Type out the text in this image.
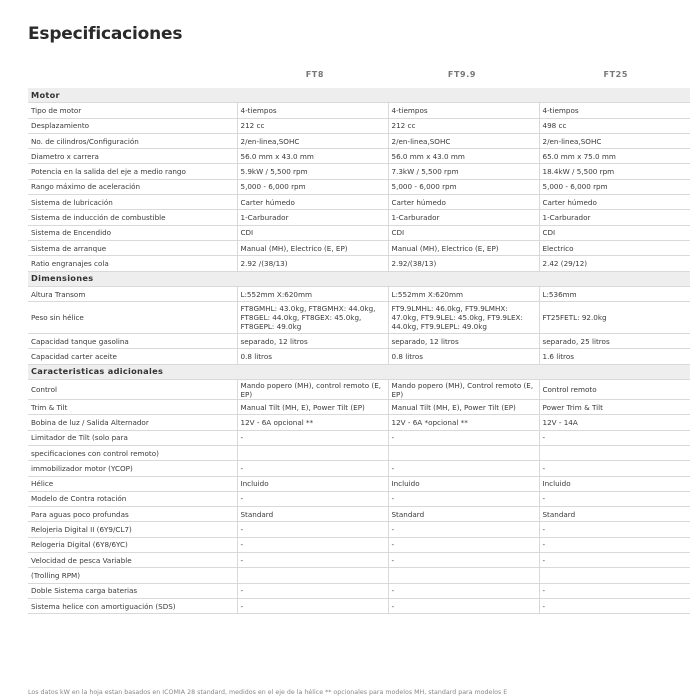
Especificaciones
FT8	FT9.9	FT25
Motor			
Tipo de motor	4-tiempos	4-tiempos	4-tiempos
Desplazamiento	212 cc	212 cc	498 cc
No. de cilindros/Configuración	2/en-linea,SOHC	2/en-linea,SOHC	2/en-linea,SOHC
Diametro x carrera	56.0 mm x 43.0 mm	56.0 mm x 43.0 mm	65.0 mm x 75.0 mm
Potencia en la salida del eje a medio rango	5.9kW / 5,500 rpm	7.3kW / 5,500 rpm	18.4kW / 5,500 rpm
Rango máximo de aceleración	5,000 - 6,000 rpm	5,000 - 6,000 rpm	5,000 - 6,000 rpm
Sistema de lubricación	Carter húmedo	Carter húmedo	Carter húmedo
Sistema de inducción de combustible	1-Carburador	1-Carburador	1-Carburador
Sistema de Encendido	CDI	CDI	CDI
Sistema de arranque	Manual (MH), Electrico (E, EP)	Manual (MH), Electrico (E, EP)	Electrico
Ratio engranajes cola	2.92 /(38/13)	2.92/(38/13)	2.42 (29/12)
Dimensiones			
Altura Transom	L:552mm X:620mm	L:552mm X:620mm	L:536mm
Peso sin hélice	FT8GMHL: 43.0kg, FT8GMHX: 44.0kg, FT8GEL: 44.0kg, FT8GEX: 45.0kg, FT8GEPL: 49.0kg	FT9.9LMHL: 46.0kg, FT9.9LMHX: 47.0kg, FT9.9LEL: 45.0kg, FT9.9LEX: 44.0kg, FT9.9LEPL: 49.0kg	FT25FETL: 92.0kg
Capacidad tanque gasolina	separado, 12 litros	separado, 12 litros	separado, 25 litros
Capacidad carter aceite	0.8 litros	0.8 litros	1.6 litros
Caracteristicas adicionales			
Control	Mando popero (MH), control remoto (E, EP)	Mando popero (MH), Control remoto (E, EP)	Control remoto
Trim & Tilt	Manual Tilt (MH, E), Power Tilt (EP)	Manual Tilt (MH, E), Power Tilt (EP)	Power Trim & Tilt
Bobina de luz / Salida Alternador	12V - 6A opcional **	12V - 6A *opcional **	12V - 14A
Limitador de Tilt (solo para	-	-	-
specificaciones con control remoto)			
immobilizador motor (YCOP)	-	-	-
Hélice	Incluido	Incluido	Incluido
Modelo de Contra rotación	-	-	-
Para aguas poco profundas	Standard	Standard	Standard
Relojeria Digital II (6Y9/CL7)	-	-	-
Relogeria Digital (6Y8/6YC)	-	-	-
Velocidad de pesca Variable	-	-	-
(Trolling RPM)			
Doble Sistema carga baterias	-	-	-
Sistema helice con amortiguación (SDS)	-	-	-
Los datos kW en la hoja estan basados en ICOMIA 28 standard, medidos en el eje de la hélice ** opcionales para modelos MH, standard para modelos E
